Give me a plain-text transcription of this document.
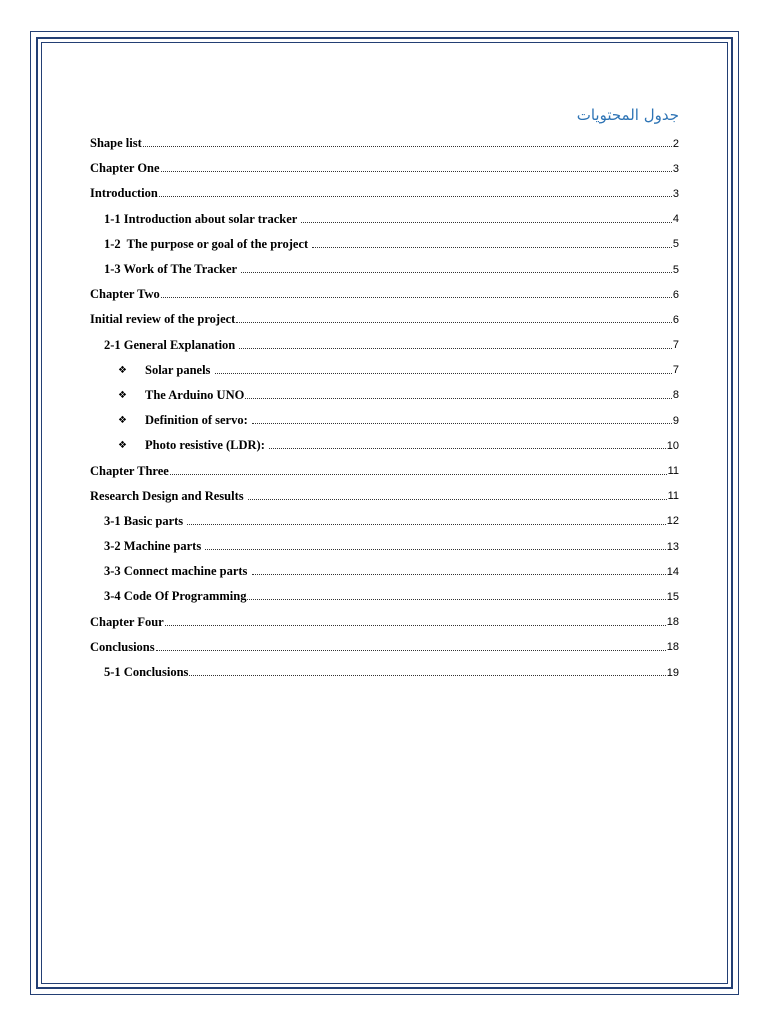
جدول المحتويات
Shape list	2
Chapter One	3
Introduction	3
1-1 Introduction about solar tracker	4
1-2  The purpose or goal of the project	5
1-3 Work of The Tracker	5
Chapter Two	6
Initial review of the project	6
2-1 General Explanation	7
❖	Solar panels	7
❖	The Arduino UNO	8
❖	Definition of servo:	9
❖	Photo resistive (LDR):	10
Chapter Three	11
Research Design and Results	11
3-1 Basic parts	12
3-2 Machine parts	13
3-3 Connect machine parts	14
3-4 Code Of Programming	15
Chapter Four	18
Conclusions	18
5-1 Conclusions	19
